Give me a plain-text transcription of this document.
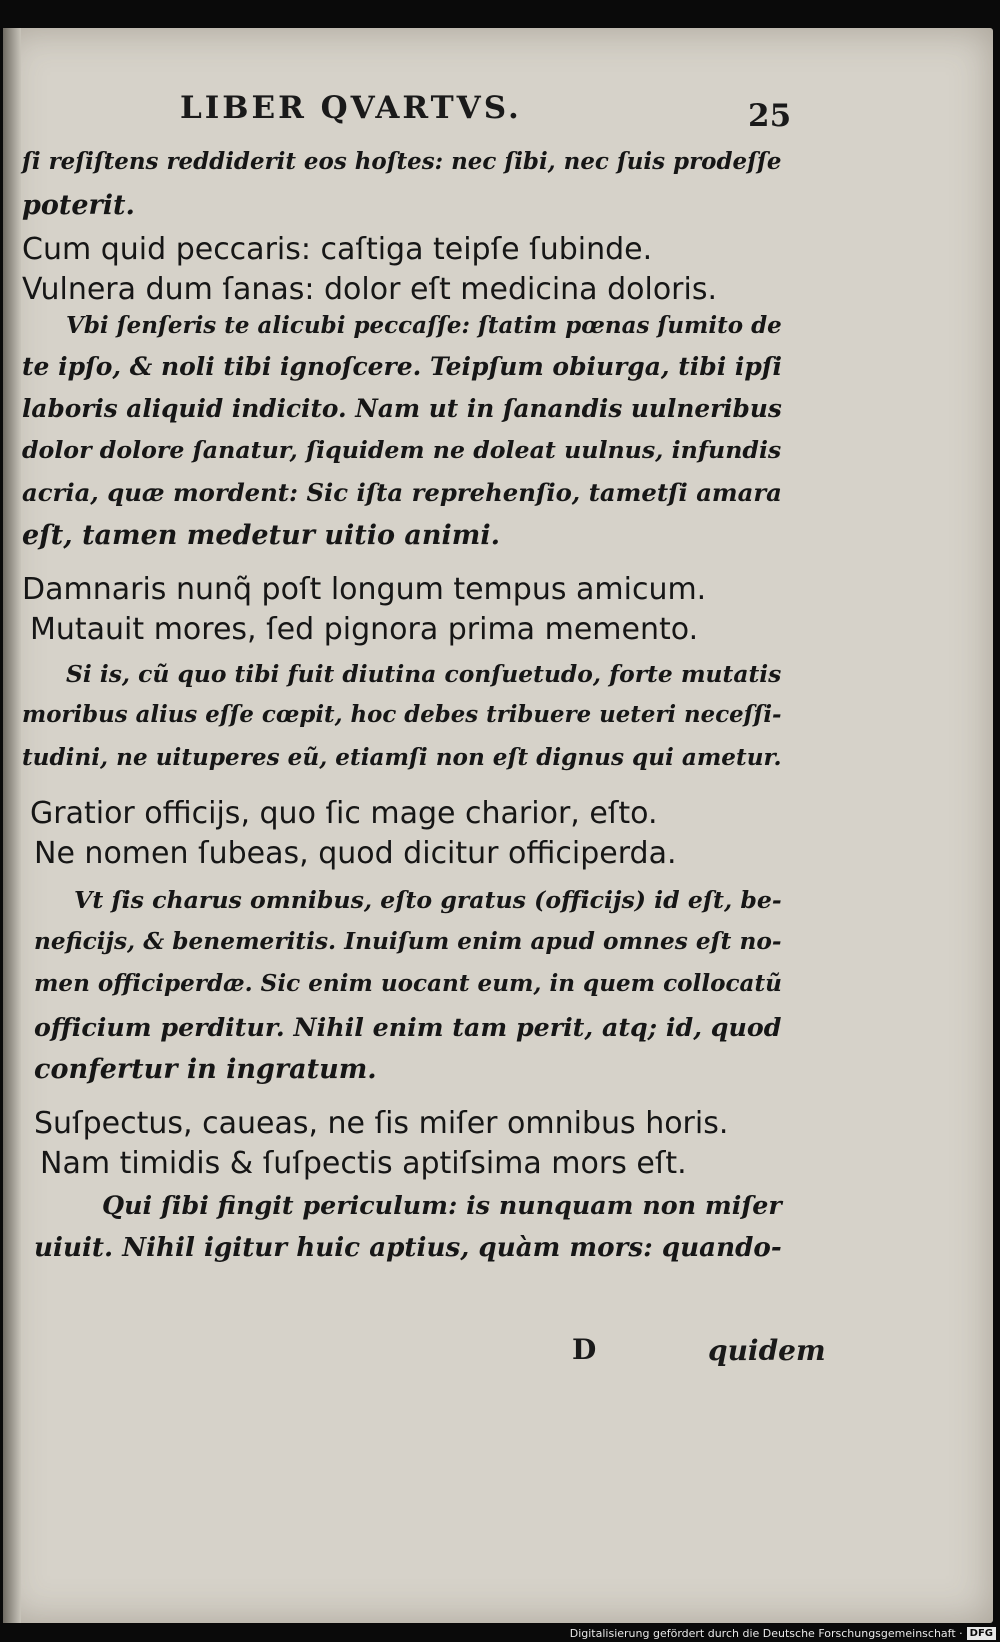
LIBER QVARTVS.	25
ſi reſiſtens reddiderit eos hoſtes: nec ſibi, nec ſuis prodeſſe
poterit.
Cum quid peccaris: caſtiga teipſe ſubinde.
Vulnera dum ſanas: dolor eſt medicina doloris.
Vbi ſenſeris te alicubi peccaſſe: ſtatim pœnas ſumito de
te ipſo, & noli tibi ignoſcere. Teipſum obiurga, tibi ipſi
laboris aliquid indicito. Nam ut in ſanandis uulneribus
dolor dolore ſanatur, ſiquidem ne doleat uulnus, infundis
acria, quæ mordent: Sic iſta reprehenſio, tametſi amara
eſt, tamen medetur uitio animi.
Damnaris nunq̃ poſt longum tempus amicum.
Mutauit mores, ſed pignora prima memento.
Si is, cũ quo tibi fuit diutina conſuetudo, forte mutatis
moribus alius eſſe cœpit, hoc debes tribuere ueteri neceſſi-
tudini, ne uituperes eũ, etiamſi non eſt dignus qui ametur.
Gratior officijs, quo ſic mage charior, eſto.
Ne nomen ſubeas, quod dicitur officiperda.
Vt ſis charus omnibus, eſto gratus (officijs) id eſt, be-
neficijs, & benemeritis. Inuiſum enim apud omnes eſt no-
men officiperdæ. Sic enim uocant eum, in quem collocatũ
officium perditur. Nihil enim tam perit, atq; id, quod
confertur in ingratum.
Suſpectus, caueas, ne ſis miſer omnibus horis.
Nam timidis & ſuſpectis aptiſsima mors eſt.
Qui ſibi fingit periculum: is nunquam non miſer
uiuit. Nihil igitur huic aptius, quàm mors: quando-
D	quidem
Digitalisierung gefördert durch die Deutsche Forschungsgemeinschaft · DFG
